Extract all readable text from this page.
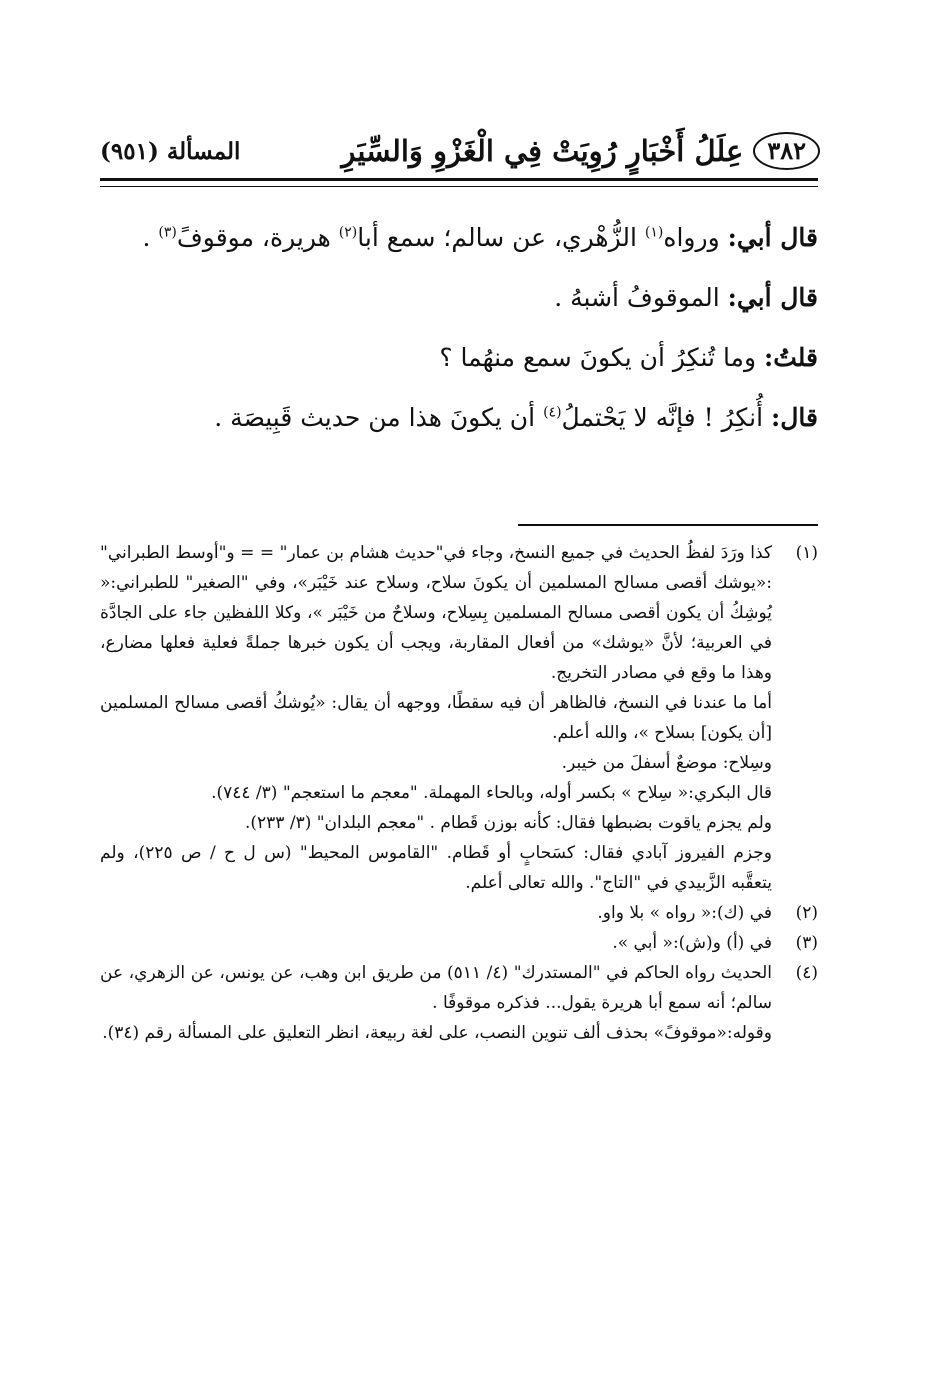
٣٨٢
عِلَلُ أَخْبَارٍ رُوِيَتْ فِي الْغَزْوِ وَالسِّيَرِ
المسألة (٩٥١)

قال أبي: ورواه$^{(١)}$ الزُّهْري، عن سالم؛ سمع أبا$^{(٢)}$ هريرة، موقوفً$^{(٣)}$ .

قال أبي: الموقوفُ أشبهُ .

قلتُ: وما تُنكِرُ أن يكونَ سمع منهُما ؟

قال: أُنكِرُ ! فإنَّه لا يَحْتملُ$^{(٤)}$ أن يكونَ هذا من حديث قَبِيصَة .

(١)

كذا ورَدَ لفظُ الحديث في جميع النسخ، وجاء في"حديث هشام بن عمار" = = و"أوسط الطبراني" :«يوشك أقصى مسالح المسلمين أن يكونَ سلاح، وسلاح عند خَيْبَر»، وفي "الصغير" للطبراني:« يُوشِكُ أن يكون أقصى مسالح المسلمين بِسِلاح، وسلاحٌ من خَيْبَر »، وكلا اللفظين جاء على الجادَّة في العربية؛ لأنَّ «يوشك» من أفعال المقاربة، ويجب أن يكون خبرها جملةً فعلية فعلها مضارع، وهذا ما وقع في مصادر التخريج.

أما ما عندنا في النسخ، فالظاهر أن فيه سقطًا، ووجهه أن يقال: «يُوشكُ أقصى مسالح المسلمين [أن يكون] بسلاح »، والله أعلم.

وسِلاح: موضعٌ أسفلَ من خيبر.

قال البكري:« سِلاح » بكسر أوله، وبالحاء المهملة. "معجم ما استعجم" (٣/ ٧٤٤).

ولم يجزم ياقوت بضبطها فقال: كأنه بوزن قَطام . "معجم البلدان" (٣/ ٢٣٣).

وجزم الفيروز آبادي فقال: كسَحابٍ أو قَطام. "القاموس المحيط" (س ل ح / ص ٢٢٥)، ولم يتعقَّبه الزَّبيدي في "التاج". والله تعالى أعلم.

(٢)

في (ك):« رواه » بلا واو.

(٣)

في (أ) و(ش):« أبي ».

(٤)

الحديث رواه الحاكم في "المستدرك" (٤/ ٥١١) من طريق ابن وهب، عن يونس، عن الزهري، عن سالم؛ أنه سمع أبا هريرة يقول... فذكره موقوفًا .

وقوله:«موقوفً» بحذف ألف تنوين النصب، على لغة ربيعة، انظر التعليق على المسألة رقم (٣٤).
